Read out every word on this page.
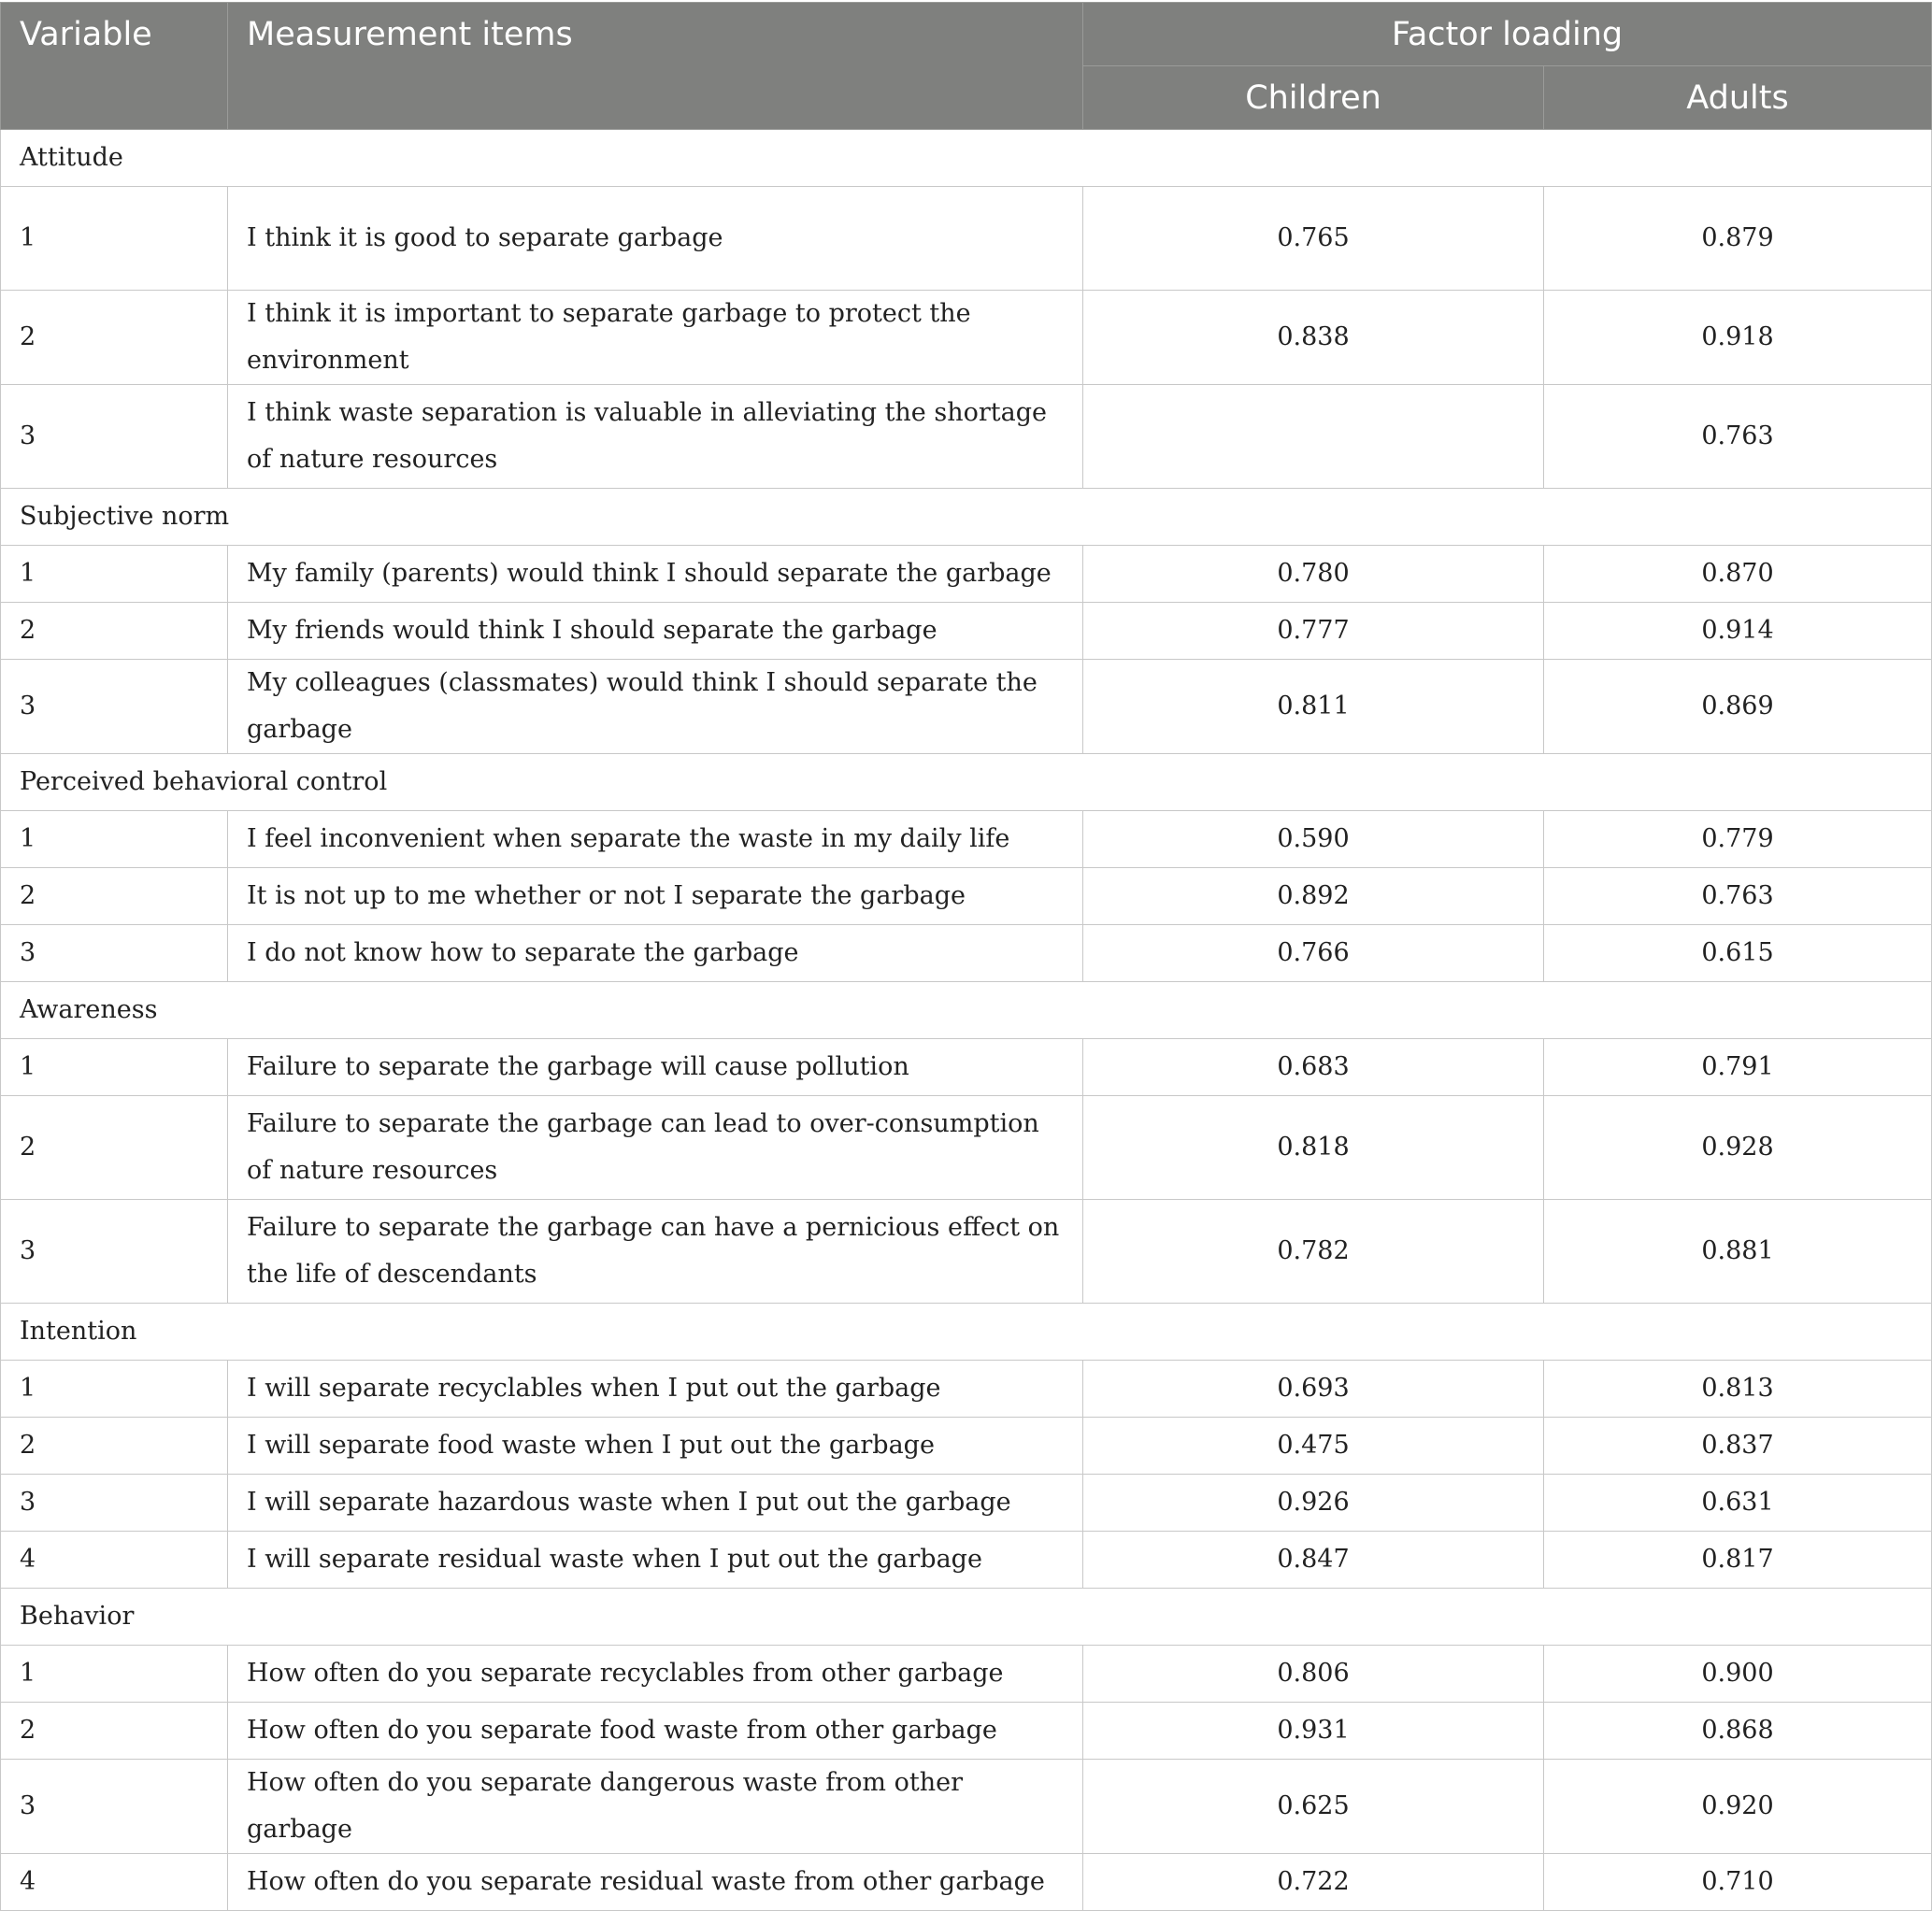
Variable	Measurement items	Factor loading	
		Children	Adults
Attitude			
1	I think it is good to separate garbage	0.765	0.879
2	I think it is important to separate garbage to protect the environment	0.838	0.918
3	I think waste separation is valuable in alleviating the shortage of nature resources		0.763
Subjective norm			
1	My family (parents) would think I should separate the garbage	0.780	0.870
2	My friends would think I should separate the garbage	0.777	0.914
3	My colleagues (classmates) would think I should separate the garbage	0.811	0.869
Perceived behavioral control			
1	I feel inconvenient when separate the waste in my daily life	0.590	0.779
2	It is not up to me whether or not I separate the garbage	0.892	0.763
3	I do not know how to separate the garbage	0.766	0.615
Awareness			
1	Failure to separate the garbage will cause pollution	0.683	0.791
2	Failure to separate the garbage can lead to over-consumption of nature resources	0.818	0.928
3	Failure to separate the garbage can have a pernicious effect on the life of descendants	0.782	0.881
Intention			
1	I will separate recyclables when I put out the garbage	0.693	0.813
2	I will separate food waste when I put out the garbage	0.475	0.837
3	I will separate hazardous waste when I put out the garbage	0.926	0.631
4	I will separate residual waste when I put out the garbage	0.847	0.817
Behavior			
1	How often do you separate recyclables from other garbage	0.806	0.900
2	How often do you separate food waste from other garbage	0.931	0.868
3	How often do you separate dangerous waste from other garbage	0.625	0.920
4	How often do you separate residual waste from other garbage	0.722	0.710
